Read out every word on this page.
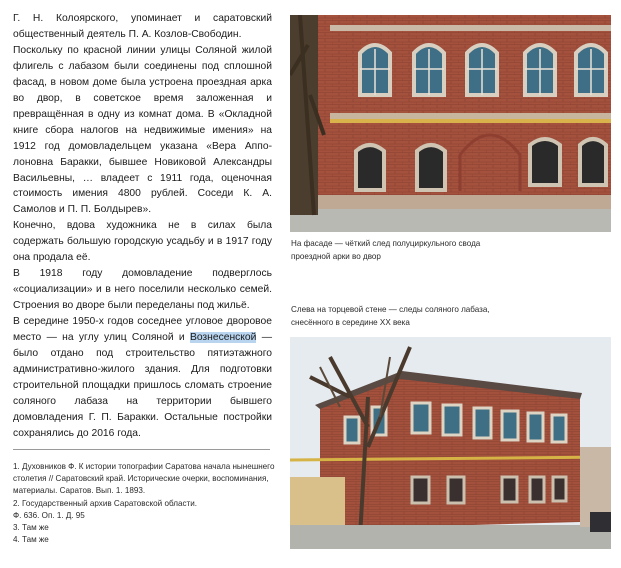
Г. Н. Колоярского, упоминает и саратовский общественный деятель П. А. Козлов-Свободин.

Поскольку по красной линии улицы Соляной жилой флигель с лабазом были соединены под сплошной фасад, в новом доме была устроена проездная арка во двор, в советское время заложенная и превращённая в одну из комнат дома. В «Окладной книге сбора налогов на недвижимые имения» на 1912 год домовладельцем указана «Вера Апполоновна Баракки, бывшее Новиковой Александры Васильевны, … владеет с 1911 года, оценочная стоимость имения 4800 рублей. Соседи К. А. Самолов и П. П. Болдырев».

Конечно, вдова художника не в силах была содержать большую городскую усадьбу и в 1917 году она продала её.

В 1918 году домовладение подверглось «социализации» и в него поселили несколько семей. Строения во дворе были переделаны под жильё.

В середине 1950-х годов соседнее угловое дворовое место — на углу улиц Соляной и Вознесенской — было отдано под строительство пятиэтажного административно-жилого здания. Для подготовки строительной площадки пришлось сломать строение соляного лабаза на территории бывшего домовладения Г. П. Баракки. Остальные постройки сохранялись до 2016 года.

1. Духовников Ф. К истории топографии Саратова начала нынешнего столетия // Саратовский край. Исторические очерки, воспоминания, материалы. Саратов. Вып. 1. 1893.
2. Государственный архив Саратовской области.
Ф. 636. Оп. 1. Д. 95
3. Там же
4. Там же
На фасаде — чёткий след полуциркульного свода проездной арки во двор
Слева на торцевой стене — следы соляного лабаза, снесённого в середине XX века
